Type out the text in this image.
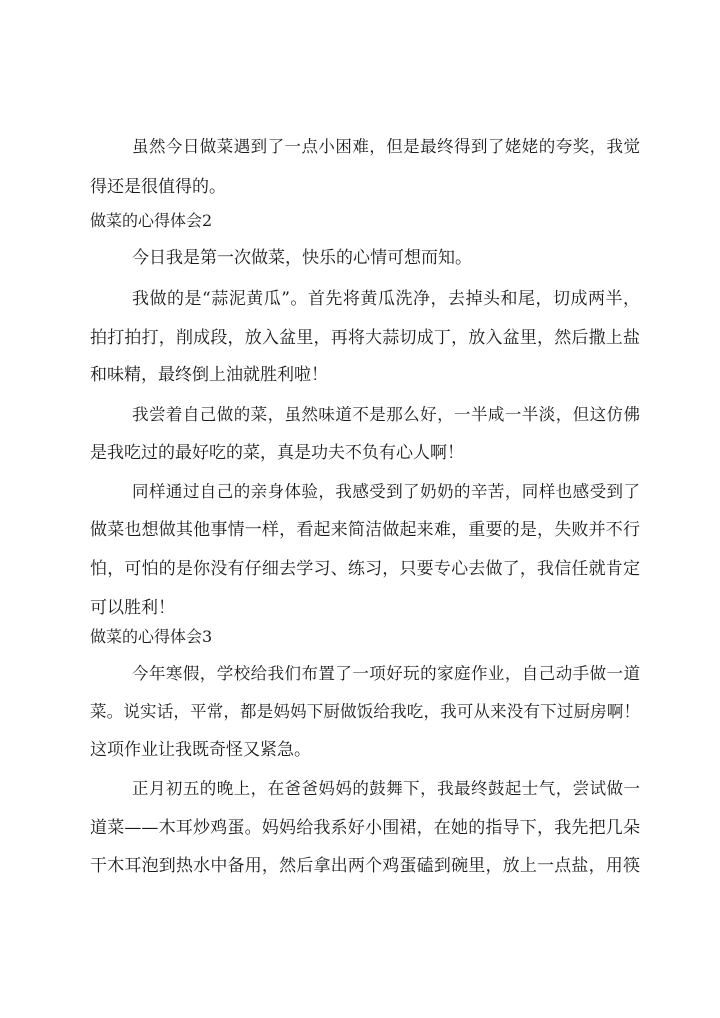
虽然今日做菜遇到了一点小困难，但是最终得到了姥姥的夸奖，我觉
得还是很值得的。
做菜的心得体会2
今日我是第一次做菜，快乐的心情可想而知。
我做的是“蒜泥黄瓜”。首先将黄瓜洗净，去掉头和尾，切成两半，
拍打拍打，削成段，放入盆里，再将大蒜切成丁，放入盆里，然后撒上盐
和味精，最终倒上油就胜利啦！
我尝着自己做的菜，虽然味道不是那么好，一半咸一半淡，但这仿佛
是我吃过的最好吃的菜，真是功夫不负有心人啊！
同样通过自己的亲身体验，我感受到了奶奶的辛苦，同样也感受到了
做菜也想做其他事情一样，看起来简洁做起来难，重要的是，失败并不行
怕，可怕的是你没有仔细去学习、练习，只要专心去做了，我信任就肯定
可以胜利！
做菜的心得体会3
今年寒假，学校给我们布置了一项好玩的家庭作业，自己动手做一道
菜。说实话，平常，都是妈妈下厨做饭给我吃，我可从来没有下过厨房啊！
这项作业让我既奇怪又紧急。
正月初五的晚上，在爸爸妈妈的鼓舞下，我最终鼓起士气，尝试做一
道菜——木耳炒鸡蛋。妈妈给我系好小围裙，在她的指导下，我先把几朵
干木耳泡到热水中备用，然后拿出两个鸡蛋磕到碗里，放上一点盐，用筷
